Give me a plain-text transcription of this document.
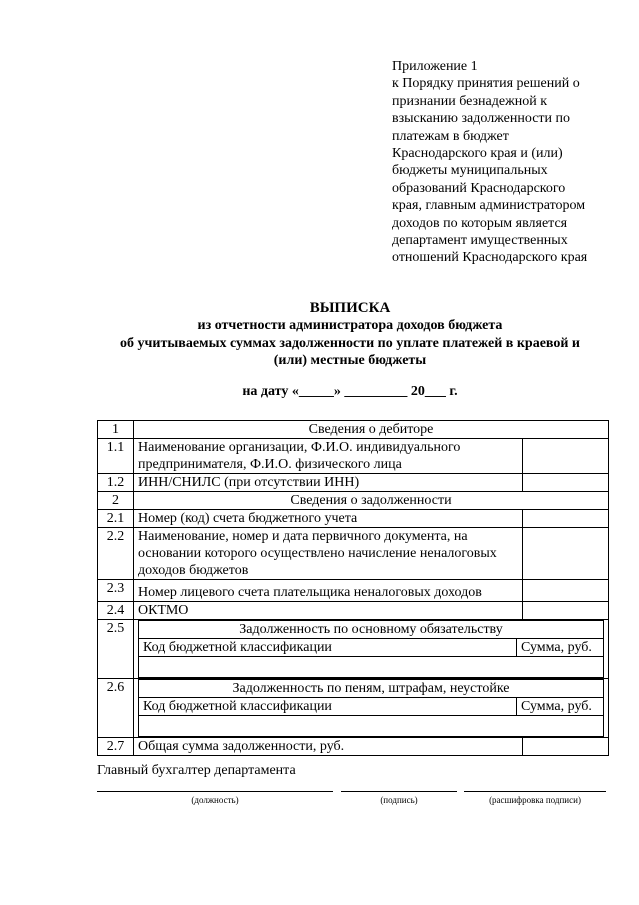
Приложение 1
к Порядку принятия решений о
признании безнадежной к
взысканию задолженности по
платежам в бюджет
Краснодарского края и (или)
бюджеты муниципальных
образований Краснодарского
края, главным администратором
доходов по которым является
департамент имущественных
отношений Краснодарского края
ВЫПИСКА
из отчетности администратора доходов бюджета
об учитываемых суммах задолженности по уплате платежей в краевой и
(или) местные бюджеты
на дату «_____» _________ 20___ г.
1	Сведения о дебиторе
1.1	Наименование организации, Ф.И.О. индивидуального предпринимателя, Ф.И.О. физического лица	
1.2	ИНН/СНИЛС (при отсутствии ИНН)	
2	Сведения о задолженности
2.1	Номер (код) счета бюджетного учета	
2.2	Наименование, номер и дата первичного документа, на основании которого осуществлено начисление неналоговых доходов бюджетов	
2.3	Номер лицевого счета плательщика неналоговых доходов	
2.4	ОКТМО	
2.5		Задолженность по основному обязательству
Код бюджетной классификации	Сумма, руб.

2.6		Задолженность по пеням, штрафам, неустойке
Код бюджетной классификации	Сумма, руб.

2.7	Общая сумма задолженности, руб.	
Главный бухгалтер департамента
(должность)	(подпись)	(расшифровка подписи)
